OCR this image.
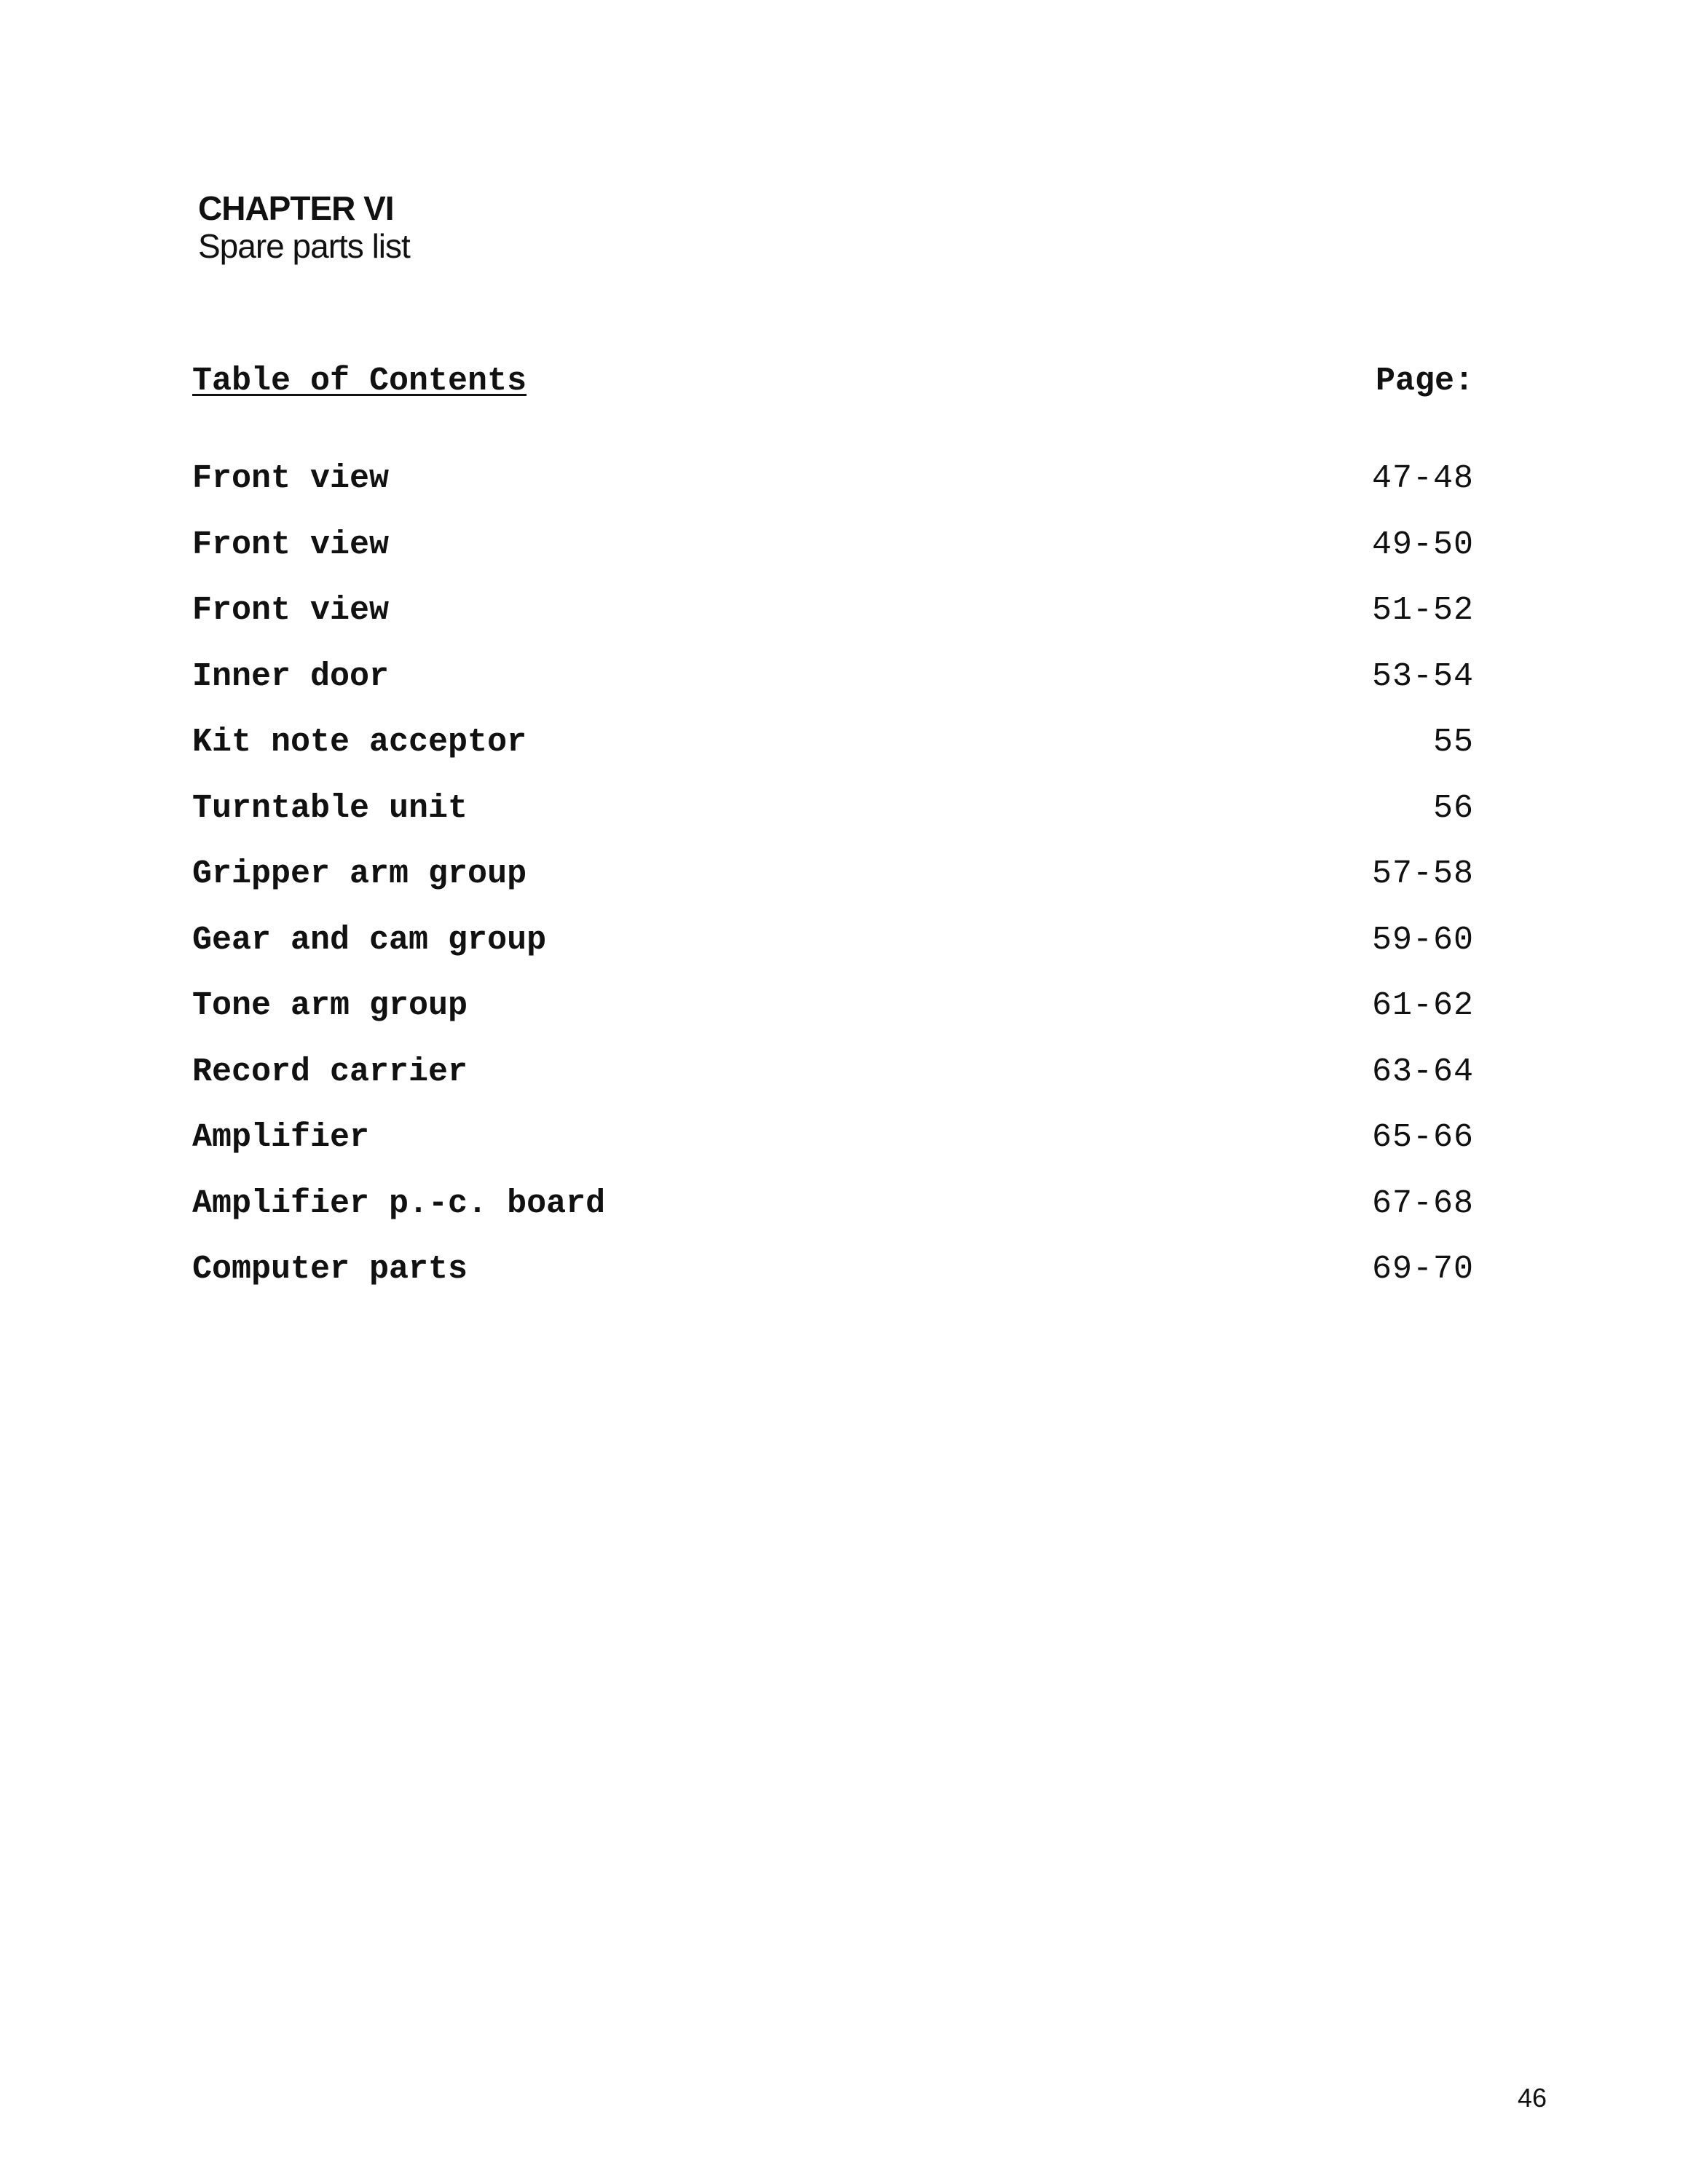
CHAPTER VI

Spare parts list

Table of Contents	Page:
Front view	47-48
Front view	49-50
Front view	51-52
Inner door	53-54
Kit note acceptor	55
Turntable unit	56
Gripper arm group	57-58
Gear and cam group	59-60
Tone arm group	61-62
Record carrier	63-64
Amplifier	65-66
Amplifier p.-c. board	67-68
Computer parts	69-70

46
